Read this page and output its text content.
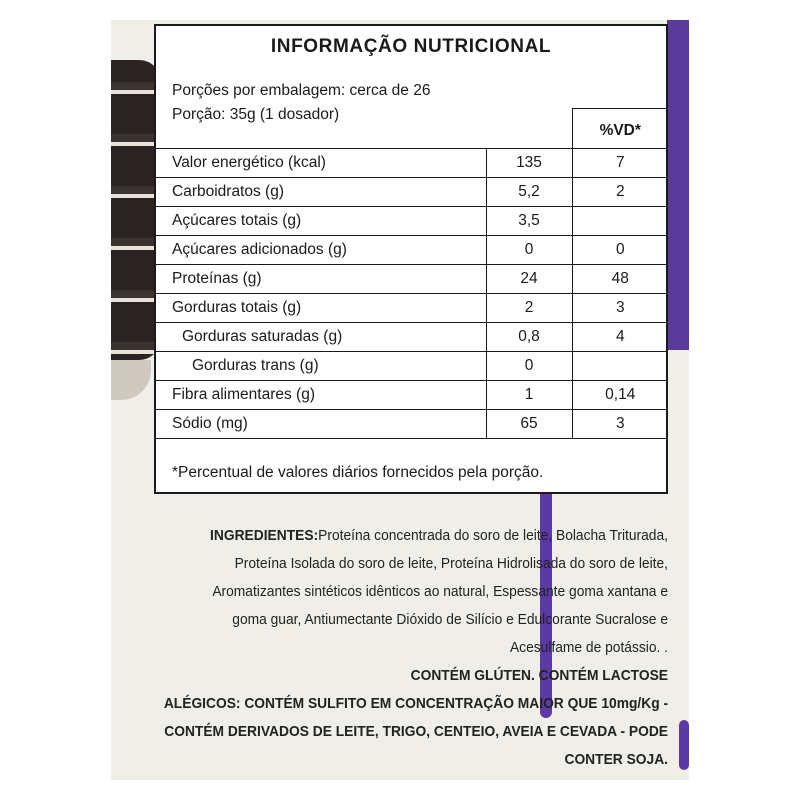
INFORMAÇÃO NUTRICIONAL
Porções por embalagem: cerca de 26
Porção: 35g (1 dosador)
		%VD*
Valor energético (kcal)	135	7
Carboidratos (g)	5,2	2
Açúcares totais (g)	3,5	
Açúcares adicionados (g)	0	0
Proteínas (g)	24	48
Gorduras totais (g)	2	3
Gorduras saturadas (g)	0,8	4
Gorduras trans (g)	0	
Fibra alimentares (g)	1	0,14
Sódio (mg)	65	3
*Percentual de valores diários fornecidos pela porção.
INGREDIENTES:Proteína concentrada do soro de leite, Bolacha Triturada,
Proteína Isolada do soro de leite, Proteína Hidrolisada do soro de leite,
Aromatizantes sintéticos idênticos ao natural, Espessante goma xantana e
goma guar, Antiumectante Dióxido de Silício e Edulcorante Sucralose e
Acesulfame de potássio. .
CONTÉM GLÚTEN. CONTÉM LACTOSE
ALÉGICOS: CONTÉM SULFITO EM CONCENTRAÇÃO MAIOR QUE 10mg/Kg -
CONTÉM DERIVADOS DE LEITE, TRIGO, CENTEIO, AVEIA E CEVADA - PODE
CONTER SOJA.
